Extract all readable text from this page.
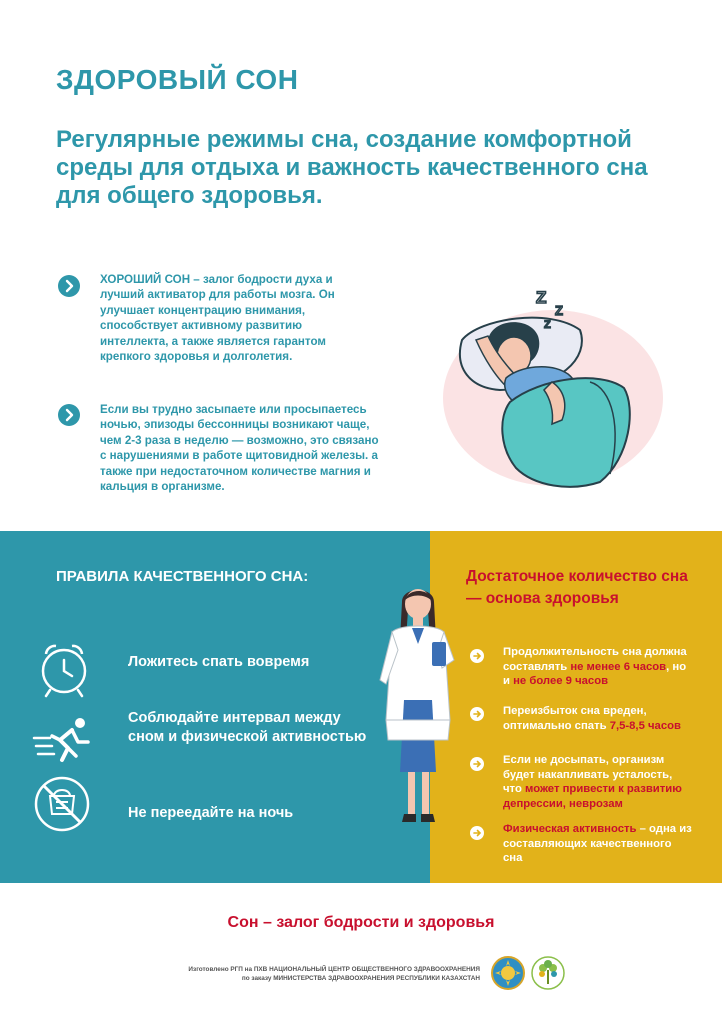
ЗДОРОВЫЙ СОН
Регулярные режимы сна, создание комфортной среды для отдыха и важность качественного сна для общего здоровья.
ХОРОШИЙ СОН – залог бодрости духа и лучший активатор для работы мозга. Он улучшает концентрацию внимания, способствует активному развитию интеллекта, а также является гарантом крепкого здоровья и долголетия.
Если вы трудно засыпаете или просыпаетесь ночью, эпизоды бессонницы возникают чаще, чем 2-3 раза в неделю — возможно, это связано с нарушениями в работе щитовидной железы. а также при недостаточном количестве магния и кальция в организме.
Z
Z
Z
ПРАВИЛА КАЧЕСТВЕННОГО СНА:
Ложитесь спать вовремя
Соблюдайте интервал между сном и физической активностью
Не переедайте на ночь
Достаточное количество сна — основа здоровья
Продолжительность сна должна составлять не менее 6 часов, но и не более 9 часов
Переизбыток сна вреден, оптимально спать 7,5-8,5 часов
Если не досыпать, организм будет накапливать усталость, что может привести к развитию депрессии, неврозам
Физическая активность – одна из составляющих качественного сна
Сон – залог бодрости и здоровья
Изготовлено РГП на ПХВ НАЦИОНАЛЬНЫЙ ЦЕНТР ОБЩЕСТВЕННОГО ЗДРАВООХРАНЕНИЯ
по заказу МИНИСТЕРСТВА ЗДРАВООХРАНЕНИЯ РЕСПУБЛИКИ КАЗАХСТАН
